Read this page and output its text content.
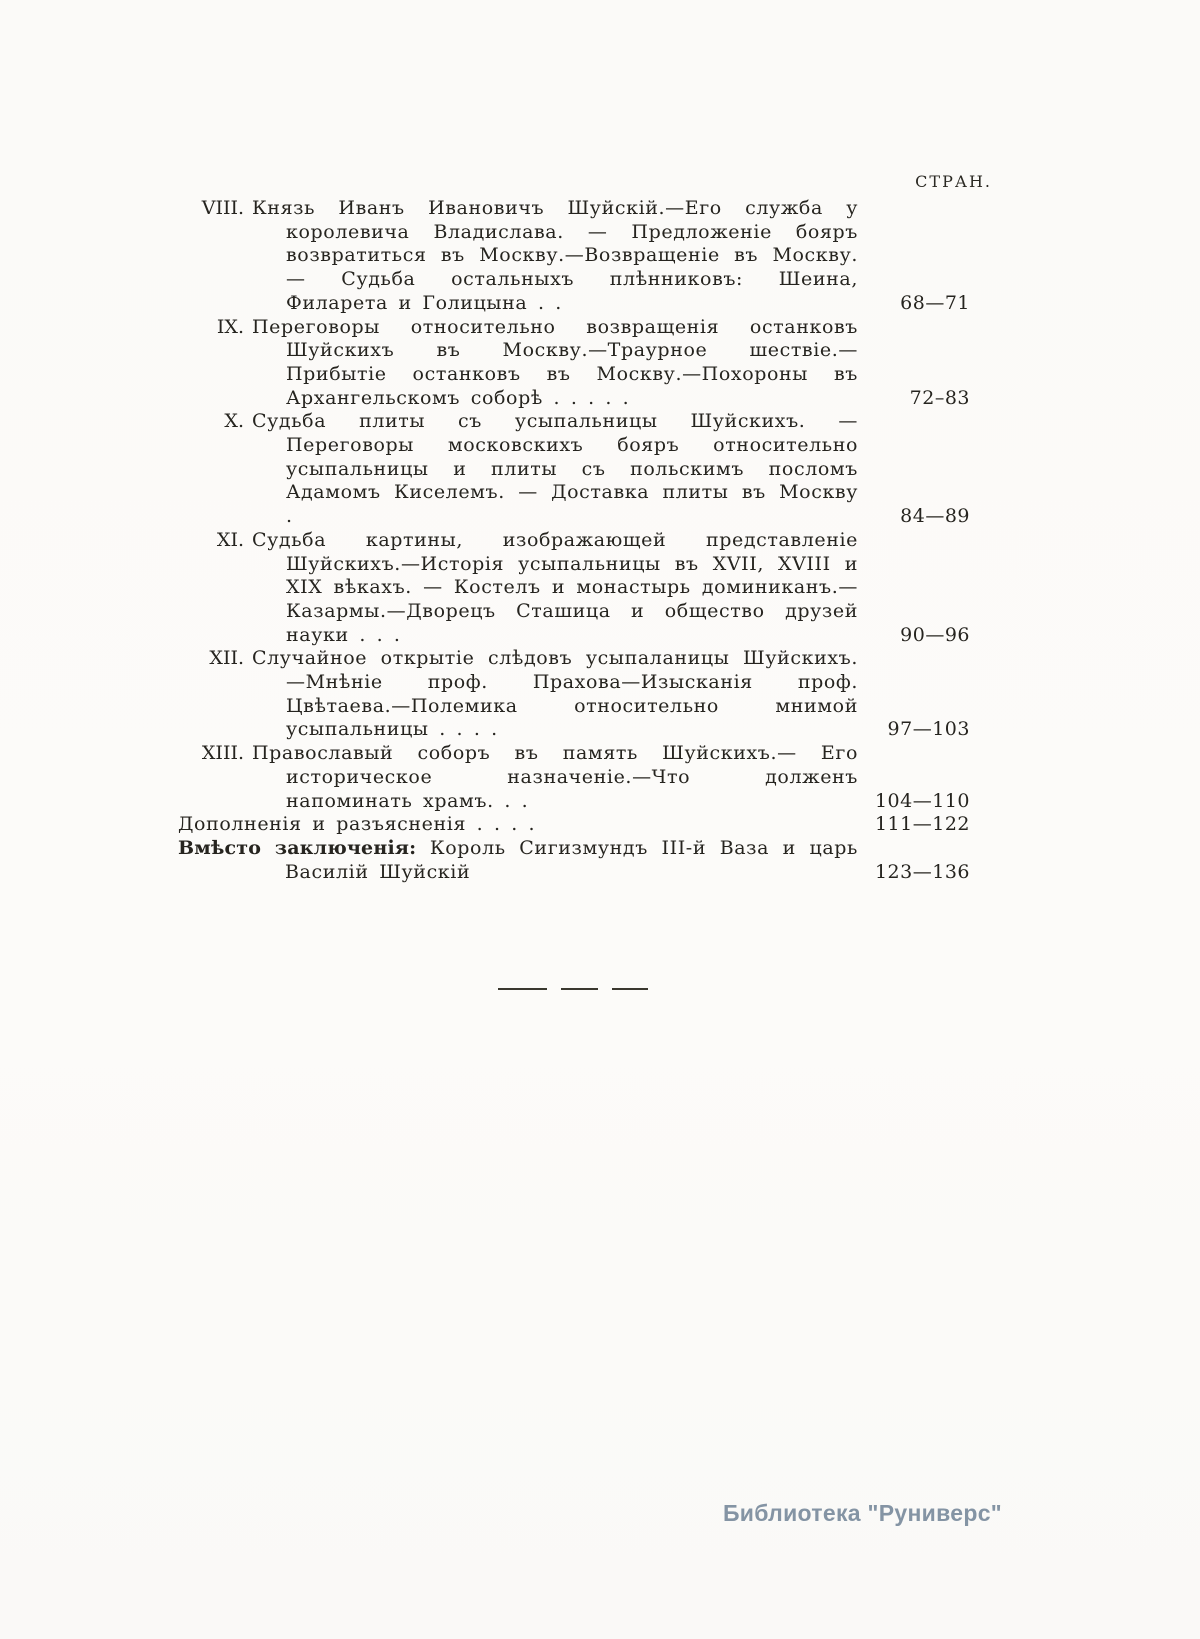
СТРАН.
VIII. Князь Иванъ Ивановичъ Шуйскій.—Его служба у королевича Владислава. — Предложеніе бояръ возвратиться въ Москву.—Возвращеніе въ Москву.— Судьба остальныхъ плѣнниковъ: Шеина, Филарета и Голицына . .	68—71
IX. Переговоры относительно возвращенія останковъ Шуйскихъ въ Москву.—Траурное шествіе.—Прибытіе останковъ въ Москву.—Похороны въ Архангельскомъ соборѣ . . . . .	72–83
X. Судьба плиты съ усыпальницы Шуйскихъ. — Переговоры московскихъ бояръ относительно усыпальницы и плиты съ польскимъ посломъ Адамомъ Киселемъ. — Доставка плиты въ Москву .	84—89
XI. Судьба картины, изображающей представленіе Шуйскихъ.—Исторія усыпальницы въ XVII, XVIII и XIX вѣкахъ. — Костелъ и монастырь доминиканъ.—Казармы.—Дворецъ Сташица и общество друзей науки . . .	90—96
XII. Случайное открытіе слѣдовъ усыпаланицы Шуйскихъ.—Мнѣніе проф. Прахова—Изысканія проф. Цвѣтаева.—Полемика относительно мнимой усыпальницы . . . .	97—103
XIII. Православый соборъ въ память Шуйскихъ.— Его историческое назначеніе.—Что долженъ напоминать храмъ. . .	104—110
Дополненія и разъясненія . . . .	111—122
Вмѣсто заключенія: Король Сигизмундъ III-й Ваза и царь Василій Шуйскій	123—136
Библиотека "Руниверс"
